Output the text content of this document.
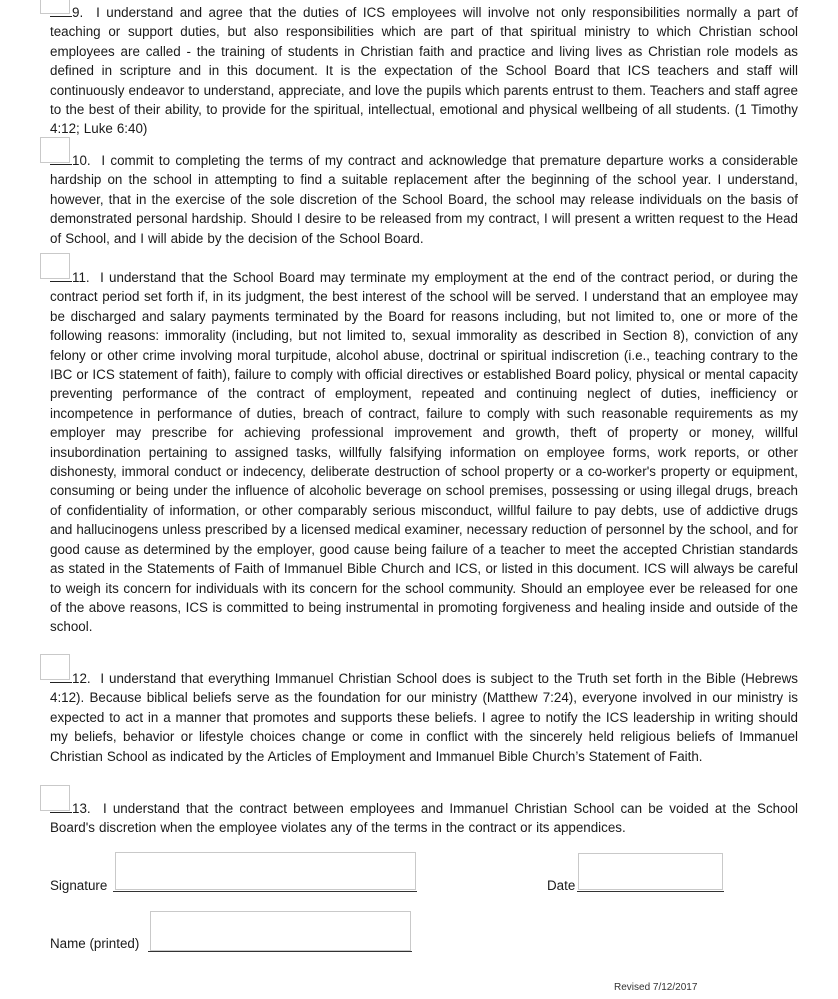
9. I understand and agree that the duties of ICS employees will involve not only responsibilities normally a part of teaching or support duties, but also responsibilities which are part of that spiritual ministry to which Christian school employees are called - the training of students in Christian faith and practice and living lives as Christian role models as defined in scripture and in this document. It is the expectation of the School Board that ICS teachers and staff will continuously endeavor to understand, appreciate, and love the pupils which parents entrust to them. Teachers and staff agree to the best of their ability, to provide for the spiritual, intellectual, emotional and physical wellbeing of all students. (1 Timothy 4:12; Luke 6:40)

10. I commit to completing the terms of my contract and acknowledge that premature departure works a considerable hardship on the school in attempting to find a suitable replacement after the beginning of the school year. I understand, however, that in the exercise of the sole discretion of the School Board, the school may release individuals on the basis of demonstrated personal hardship. Should I desire to be released from my contract, I will present a written request to the Head of School, and I will abide by the decision of the School Board.

11. I understand that the School Board may terminate my employment at the end of the contract period, or during the contract period set forth if, in its judgment, the best interest of the school will be served. I understand that an employee may be discharged and salary payments terminated by the Board for reasons including, but not limited to, one or more of the following reasons: immorality (including, but not limited to, sexual immorality as described in Section 8), conviction of any felony or other crime involving moral turpitude, alcohol abuse, doctrinal or spiritual indiscretion (i.e., teaching contrary to the IBC or ICS statement of faith), failure to comply with official directives or established Board policy, physical or mental capacity preventing performance of the contract of employment, repeated and continuing neglect of duties, inefficiency or incompetence in performance of duties, breach of contract, failure to comply with such reasonable requirements as my employer may prescribe for achieving professional improvement and growth, theft of property or money, willful insubordination pertaining to assigned tasks, willfully falsifying information on employee forms, work reports, or other dishonesty, immoral conduct or indecency, deliberate destruction of school property or a co-worker's property or equipment, consuming or being under the influence of alcoholic beverage on school premises, possessing or using illegal drugs, breach of confidentiality of information, or other comparably serious misconduct, willful failure to pay debts, use of addictive drugs and hallucinogens unless prescribed by a licensed medical examiner, necessary reduction of personnel by the school, and for good cause as determined by the employer, good cause being failure of a teacher to meet the accepted Christian standards as stated in the Statements of Faith of Immanuel Bible Church and ICS, or listed in this document. ICS will always be careful to weigh its concern for individuals with its concern for the school community. Should an employee ever be released for one of the above reasons, ICS is committed to being instrumental in promoting forgiveness and healing inside and outside of the school.

12. I understand that everything Immanuel Christian School does is subject to the Truth set forth in the Bible (Hebrews 4:12). Because biblical beliefs serve as the foundation for our ministry (Matthew 7:24), everyone involved in our ministry is expected to act in a manner that promotes and supports these beliefs. I agree to notify the ICS leadership in writing should my beliefs, behavior or lifestyle choices change or come in conflict with the sincerely held religious beliefs of Immanuel Christian School as indicated by the Articles of Employment and Immanuel Bible Church’s Statement of Faith.

13. I understand that the contract between employees and Immanuel Christian School can be voided at the School Board's discretion when the employee violates any of the terms in the contract or its appendices.

Signature	Date
Name (printed)
Revised 7/12/2017
